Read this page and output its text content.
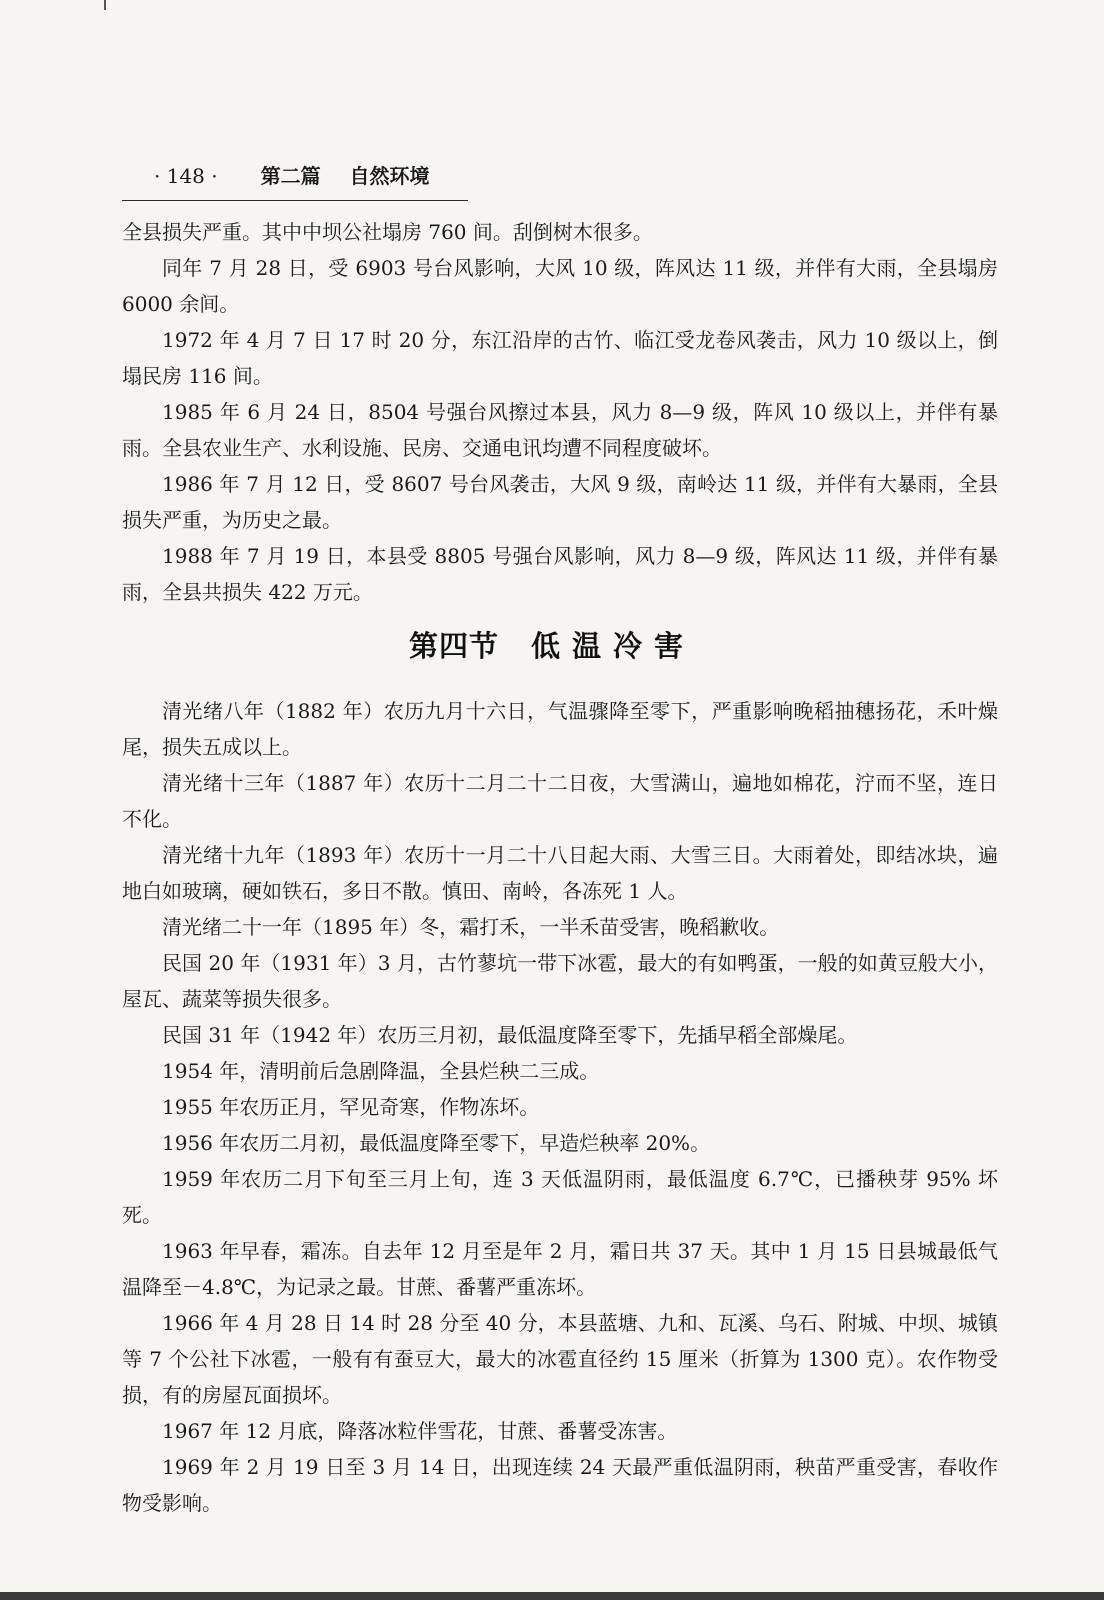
· 148 · 第二篇 自然环境

全县损失严重。其中中坝公社塌房 760 间。刮倒树木很多。

同年 7 月 28 日，受 6903 号台风影响，大风 10 级，阵风达 11 级，并伴有大雨，全县塌房 6000 余间。

1972 年 4 月 7 日 17 时 20 分，东江沿岸的古竹、临江受龙卷风袭击，风力 10 级以上，倒塌民房 116 间。

1985 年 6 月 24 日，8504 号强台风擦过本县，风力 8—9 级，阵风 10 级以上，并伴有暴雨。全县农业生产、水利设施、民房、交通电讯均遭不同程度破坏。

1986 年 7 月 12 日，受 8607 号台风袭击，大风 9 级，南岭达 11 级，并伴有大暴雨，全县损失严重，为历史之最。

1988 年 7 月 19 日，本县受 8805 号强台风影响，风力 8—9 级，阵风达 11 级，并伴有暴雨，全县共损失 422 万元。

第四节 低温冷害

清光绪八年（1882 年）农历九月十六日，气温骤降至零下，严重影响晚稻抽穗扬花，禾叶燥尾，损失五成以上。

清光绪十三年（1887 年）农历十二月二十二日夜，大雪满山，遍地如棉花，泞而不坚，连日不化。

清光绪十九年（1893 年）农历十一月二十八日起大雨、大雪三日。大雨着处，即结冰块，遍地白如玻璃，硬如铁石，多日不散。慎田、南岭，各冻死 1 人。

清光绪二十一年（1895 年）冬，霜打禾，一半禾苗受害，晚稻歉收。

民国 20 年（1931 年）3 月，古竹蓼坑一带下冰雹，最大的有如鸭蛋，一般的如黄豆般大小，屋瓦、蔬菜等损失很多。

民国 31 年（1942 年）农历三月初，最低温度降至零下，先插早稻全部燥尾。

1954 年，清明前后急剧降温，全县烂秧二三成。

1955 年农历正月，罕见奇寒，作物冻坏。

1956 年农历二月初，最低温度降至零下，早造烂秧率 20%。

1959 年农历二月下旬至三月上旬，连 3 天低温阴雨，最低温度 6.7℃，已播秧芽 95% 坏死。

1963 年早春，霜冻。自去年 12 月至是年 2 月，霜日共 37 天。其中 1 月 15 日县城最低气温降至－4.8℃，为记录之最。甘蔗、番薯严重冻坏。

1966 年 4 月 28 日 14 时 28 分至 40 分，本县蓝塘、九和、瓦溪、乌石、附城、中坝、城镇等 7 个公社下冰雹，一般有有蚕豆大，最大的冰雹直径约 15 厘米（折算为 1300 克）。农作物受损，有的房屋瓦面损坏。

1967 年 12 月底，降落冰粒伴雪花，甘蔗、番薯受冻害。

1969 年 2 月 19 日至 3 月 14 日，出现连续 24 天最严重低温阴雨，秧苗严重受害，春收作物受影响。
